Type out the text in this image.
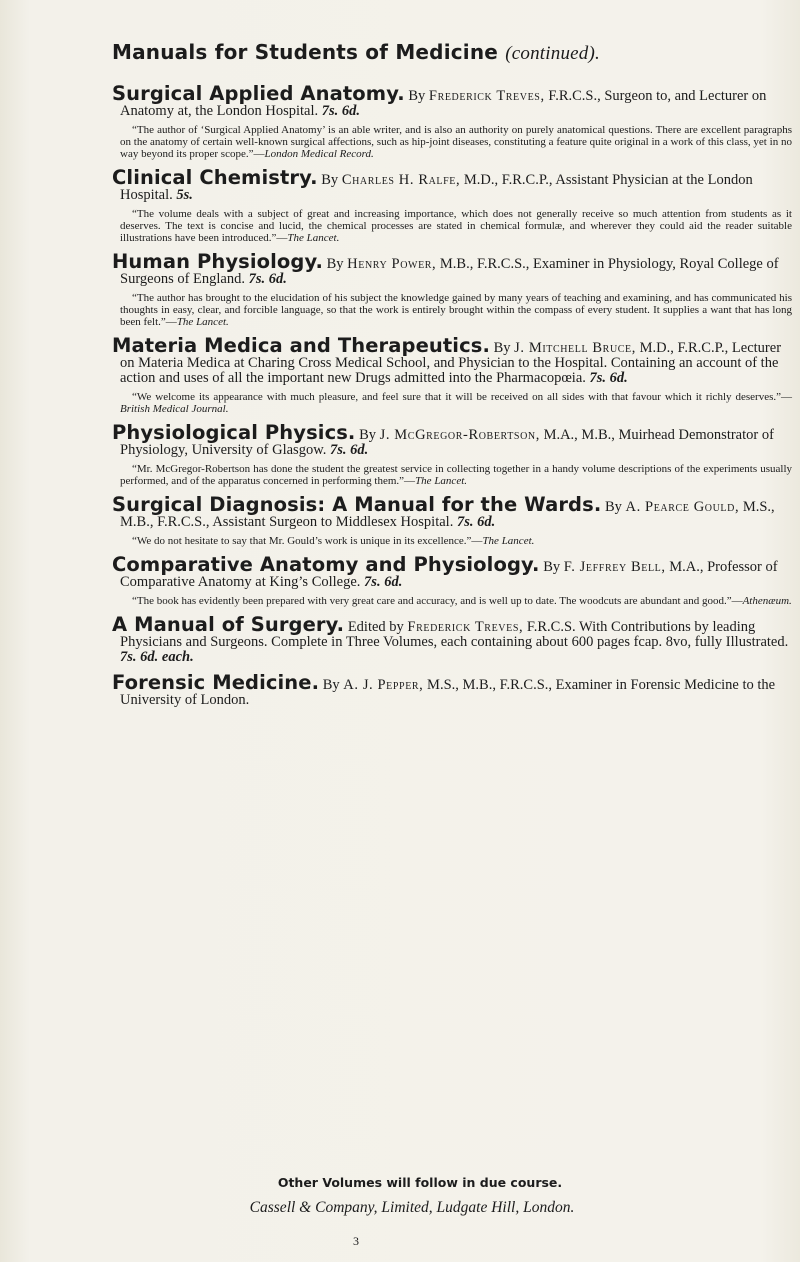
Manuals for Students of Medicine (continued).
Surgical Applied Anatomy. By Frederick Treves, F.R.C.S., Surgeon to, and Lecturer on Anatomy at, the London Hospital. 7s. 6d.
“The author of ‘Surgical Applied Anatomy’ is an able writer, and is also an authority on purely anatomical questions. There are excellent paragraphs on the anatomy of certain well-known surgical affections, such as hip-joint diseases, constituting a feature quite original in a work of this class, yet in no way beyond its proper scope.”—London Medical Record.
Clinical Chemistry. By Charles H. Ralfe, M.D., F.R.C.P., Assistant Physician at the London Hospital. 5s.
“The volume deals with a subject of great and increasing importance, which does not generally receive so much attention from students as it deserves. The text is concise and lucid, the chemical processes are stated in chemical formulæ, and wherever they could aid the reader suitable illustrations have been introduced.”—The Lancet.
Human Physiology. By Henry Power, M.B., F.R.C.S., Examiner in Physiology, Royal College of Surgeons of England. 7s. 6d.
“The author has brought to the elucidation of his subject the knowledge gained by many years of teaching and examining, and has communicated his thoughts in easy, clear, and forcible language, so that the work is entirely brought within the compass of every student. It supplies a want that has long been felt.”—The Lancet.
Materia Medica and Therapeutics. By J. Mitchell Bruce, M.D., F.R.C.P., Lecturer on Materia Medica at Charing Cross Medical School, and Physician to the Hospital. Containing an account of the action and uses of all the important new Drugs admitted into the Pharmacopœia. 7s. 6d.
“We welcome its appearance with much pleasure, and feel sure that it will be received on all sides with that favour which it richly deserves.”—British Medical Journal.
Physiological Physics. By J. McGregor-Robertson, M.A., M.B., Muirhead Demonstrator of Physiology, University of Glasgow. 7s. 6d.
“Mr. McGregor-Robertson has done the student the greatest service in collecting together in a handy volume descriptions of the experiments usually performed, and of the apparatus concerned in performing them.”—The Lancet.
Surgical Diagnosis: A Manual for the Wards. By A. Pearce Gould, M.S., M.B., F.R.C.S., Assistant Surgeon to Middlesex Hospital. 7s. 6d.
“We do not hesitate to say that Mr. Gould’s work is unique in its excellence.”—The Lancet.
Comparative Anatomy and Physiology. By F. Jeffrey Bell, M.A., Professor of Comparative Anatomy at King’s College. 7s. 6d.
“The book has evidently been prepared with very great care and accuracy, and is well up to date. The woodcuts are abundant and good.”—Athenæum.
A Manual of Surgery. Edited by Frederick Treves, F.R.C.S. With Contributions by leading Physicians and Surgeons. Complete in Three Volumes, each containing about 600 pages fcap. 8vo, fully Illustrated. 7s. 6d. each.
Forensic Medicine. By A. J. Pepper, M.S., M.B., F.R.C.S., Examiner in Forensic Medicine to the University of London.
Other Volumes will follow in due course.
Cassell & Company, Limited, Ludgate Hill, London.
3
